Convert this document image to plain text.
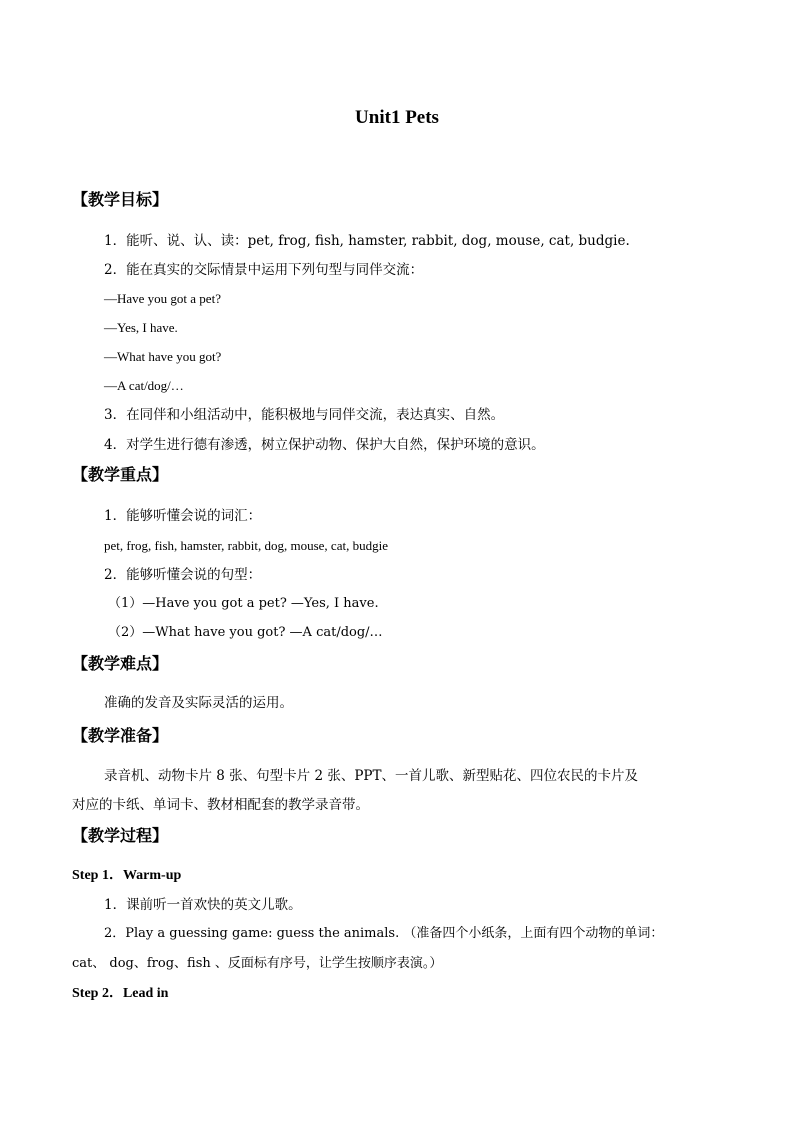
Unit1 Pets
【教学目标】
1．能听、说、认、读：pet, frog, fish, hamster, rabbit, dog, mouse, cat, budgie.
2．能在真实的交际情景中运用下列句型与同伴交流：
—Have you got a pet?
—Yes, I have.
—What have you got?
—A cat/dog/…
3．在同伴和小组活动中，能积极地与同伴交流，表达真实、自然。
4．对学生进行德有渗透，树立保护动物、保护大自然，保护环境的意识。
【教学重点】
1．能够听懂会说的词汇：
pet, frog, fish, hamster, rabbit, dog, mouse, cat, budgie
2．能够听懂会说的句型：
（1）—Have you got a pet? —Yes, I have.
（2）—What have you got? —A cat/dog/…
【教学难点】
准确的发音及实际灵活的运用。
【教学准备】
录音机、动物卡片 8 张、句型卡片 2 张、PPT、一首儿歌、新型贴花、四位农民的卡片及
对应的卡纸、单词卡、教材相配套的教学录音带。
【教学过程】
Step 1．Warm-up
1．课前听一首欢快的英文儿歌。
2．Play a guessing game: guess the animals. （准备四个小纸条，上面有四个动物的单词：
cat、 dog、frog、fish 、反面标有序号，让学生按顺序表演。）
Step 2．Lead in
